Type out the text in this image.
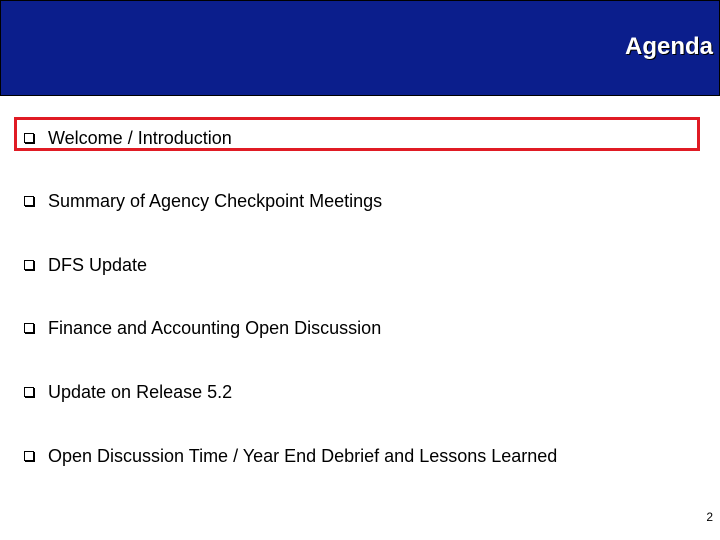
Agenda
Welcome / Introduction
Summary of Agency Checkpoint Meetings
DFS Update
Finance and Accounting Open Discussion
Update on Release 5.2
Open Discussion Time / Year End Debrief and Lessons Learned
2
